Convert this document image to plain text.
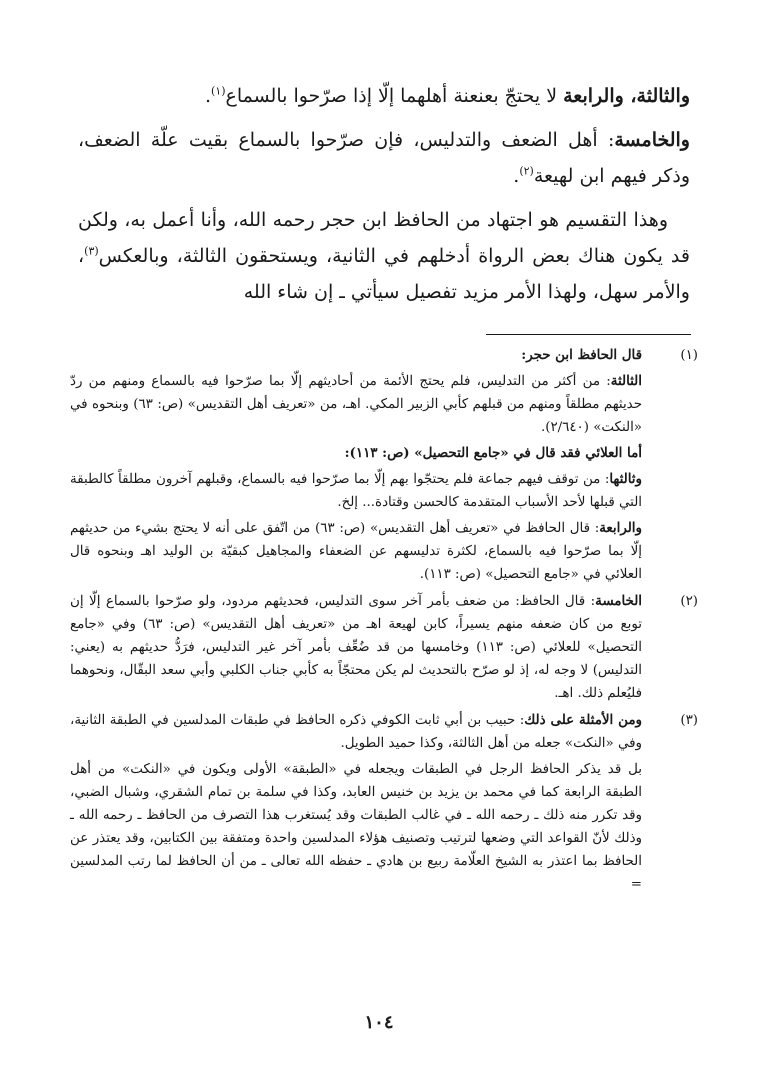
والثالثة، والرابعة لا يحتجّ بعنعنة أهلهما إلّا إذا صرّحوا بالسماع$^{(١)}$.

والخامسة: أهل الضعف والتدليس، فإن صرّحوا بالسماع بقيت علّة الضعف، وذكر فيهم ابن لهيعة$^{(٢)}$.

وهذا التقسيم هو اجتهاد من الحافظ ابن حجر رحمه الله، وأنا أعمل به، ولكن قد يكون هناك بعض الرواة أدخلهم في الثانية، ويستحقون الثالثة، وبالعكس$^{(٣)}$، والأمر سهل، ولهذا الأمر مزيد تفصيل سيأتي ـ إن شاء الله

(١)

قال الحافظ ابن حجر:

الثالثة: من أكثر من التدليس، فلم يحتج الأئمة من أحاديثهم إلّا بما صرّحوا فيه بالسماع ومنهم من ردّ حديثهم مطلقاً ومنهم من قبلهم كأبي الزبير المكي. اهـ، من «تعريف أهل التقديس» (ص: ٦٣) وبنحوه في «النكت» (٢/٦٤٠).

أما العلائي فقد قال في «جامع التحصيل» (ص: ١١٣):

وثالثها: من توقف فيهم جماعة فلم يحتجّوا بهم إلّا بما صرّحوا فيه بالسماع، وقبلهم آخرون مطلقاً كالطبقة التي قبلها لأحد الأسباب المتقدمة كالحسن وقتادة... إلخ.

والرابعة: قال الحافظ في «تعريف أهل التقديس» (ص: ٦٣) من اتّفق على أنه لا يحتج بشيء من حديثهم إلّا بما صرّحوا فيه بالسماع، لكثرة تدليسهم عن الضعفاء والمجاهيل كبقيّة بن الوليد اهـ وبنحوه قال العلائي في «جامع التحصيل» (ص: ١١٣).

(٢)

الخامسة: قال الحافظ: من ضعف بأمر آخر سوى التدليس، فحديثهم مردود، ولو صرّحوا بالسماع إلّا إن توبع من كان ضعفه منهم يسيراً، كابن لهيعة اهـ من «تعريف أهل التقديس» (ص: ٦٣) وفي «جامع التحصيل» للعلائي (ص: ١١٣) وخامسها من قد ضُعِّف بأمر آخر غير التدليس، فرَدُّ حديثهم به (يعني: التدليس) لا وجه له، إذ لو صرّح بالتحديث لم يكن محتجّاً به كأبي جناب الكلبي وأبي سعد البقّال، ونحوهما فليُعلم ذلك. اهـ.

(٣)

ومن الأمثلة على ذلك: حبيب بن أبي ثابت الكوفي ذكره الحافظ في طبقات المدلسين في الطبقة الثانية، وفي «النكت» جعله من أهل الثالثة، وكذا حميد الطويل.

بل قد يذكر الحافظ الرجل في الطبقات ويجعله في «الطبقة» الأولى ويكون في «النكت» من أهل الطبقة الرابعة كما في محمد بن يزيد بن خنيس العابد، وكذا في سلمة بن تمام الشقري، وشبال الضبي، وقد تكرر منه ذلك ـ رحمه الله ـ في غالب الطبقات وقد يُستغرب هذا التصرف من الحافظ ـ رحمه الله ـ وذلك لأنّ القواعد التي وضعها لترتيب وتصنيف هؤلاء المدلسين واحدة ومتفقة بين الكتابين، وقد يعتذر عن الحافظ بما اعتذر به الشيخ العلّامة ربيع بن هادي ـ حفظه الله تعالى ـ من أن الحافظ لما رتب المدلسين =

١٠٤
